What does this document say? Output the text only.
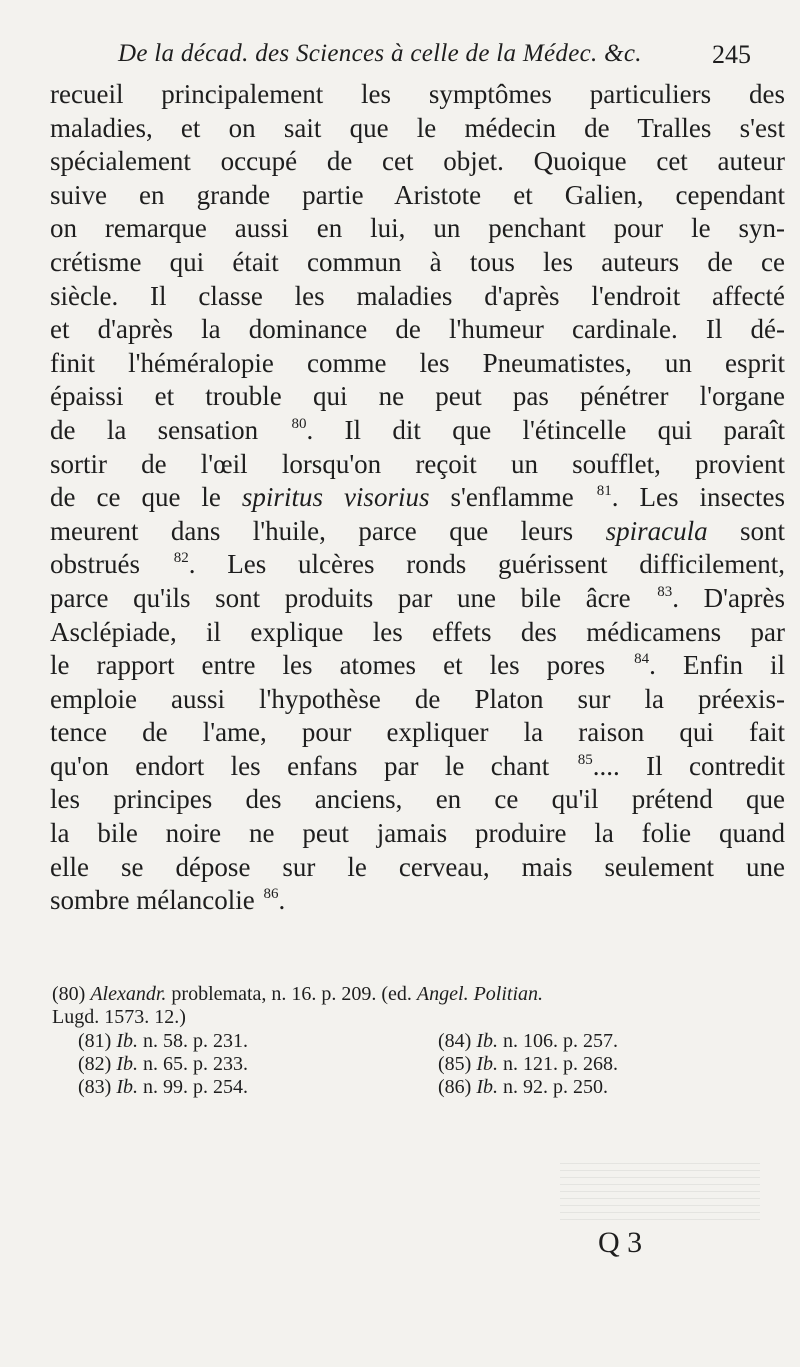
De la décad. des Sciences à celle de la Médec. &c.	245
recueil principalement les symptômes particuliers des
maladies, et on sait que le médecin de Tralles s'est
spécialement occupé de cet objet. Quoique cet auteur
suive en grande partie Aristote et Galien, cependant
on remarque aussi en lui, un penchant pour le syn-
crétisme qui était commun à tous les auteurs de ce
siècle. Il classe les maladies d'après l'endroit affecté
et d'après la dominance de l'humeur cardinale. Il dé-
finit l'héméralopie comme les Pneumatistes, un esprit
épaissi et trouble qui ne peut pas pénétrer l'organe
de la sensation $^{80}$. Il dit que l'étincelle qui paraît
sortir de l'œil lorsqu'on reçoit un soufflet, provient
de ce que le spiritus visorius s'enflamme $^{81}$. Les insectes
meurent dans l'huile, parce que leurs spiracula sont
obstrués $^{82}$. Les ulcères ronds guérissent difficilement,
parce qu'ils sont produits par une bile âcre $^{83}$. D'après
Asclépiade, il explique les effets des médicamens par
le rapport entre les atomes et les pores $^{84}$. Enfin il
emploie aussi l'hypothèse de Platon sur la préexis-
tence de l'ame, pour expliquer la raison qui fait
qu'on endort les enfans par le chant $^{85}$.... Il contredit
les principes des anciens, en ce qu'il prétend que
la bile noire ne peut jamais produire la folie quand
elle se dépose sur le cerveau, mais seulement une
sombre mélancolie $^{86}$.
(80) Alexandr. problemata, n. 16. p. 209. (ed. Angel. Politian.
Lugd. 1573. 12.)
(81) Ib. n. 58. p. 231.
(82) Ib. n. 65. p. 233.
(83) Ib. n. 99. p. 254.
(84) Ib. n. 106. p. 257.
(85) Ib. n. 121. p. 268.
(86) Ib. n. 92. p. 250.
Q 3
